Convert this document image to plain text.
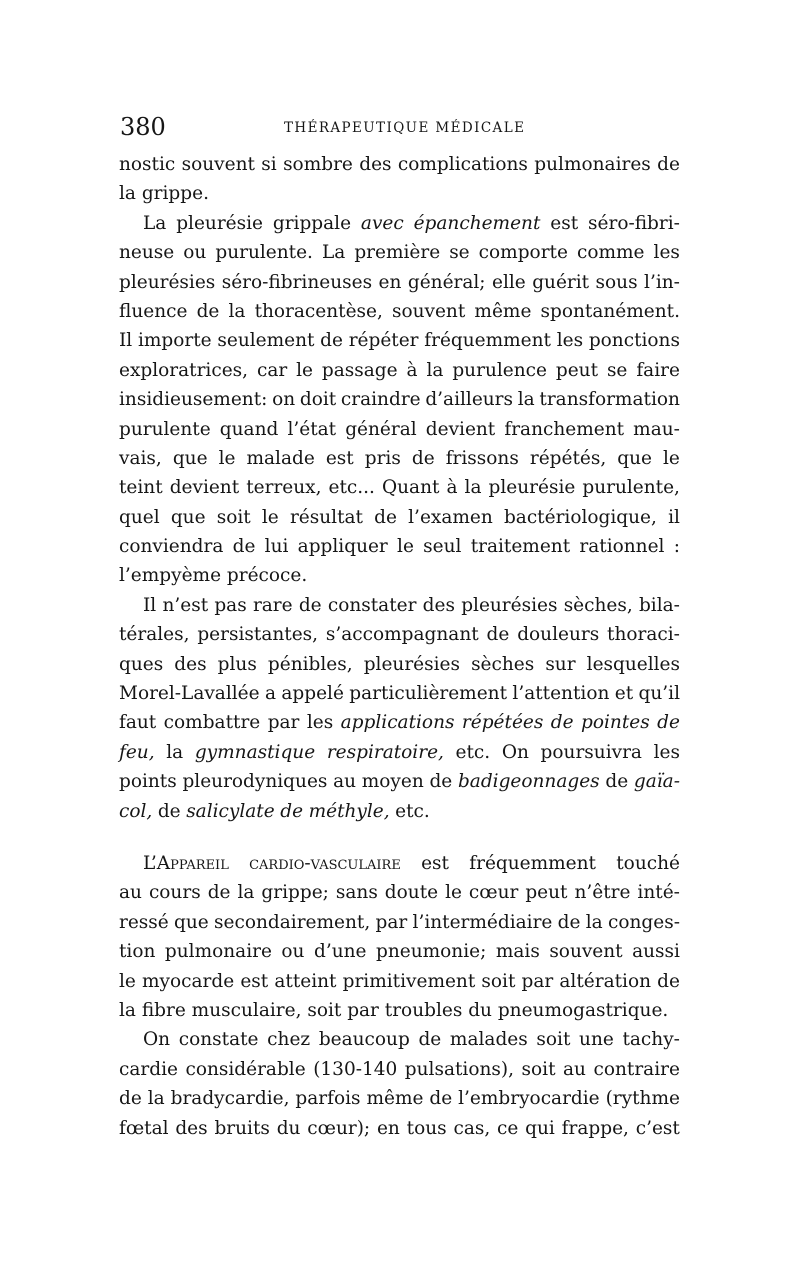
380	THÉRAPEUTIQUE MÉDICALE
nostic souvent si sombre des complications pulmonaires de
la grippe.
La pleurésie grippale avec épanchement est séro-fibri-
neuse ou purulente. La première se comporte comme les
pleurésies séro-fibrineuses en général; elle guérit sous l’in-
fluence de la thoracentèse, souvent même spontanément.
Il importe seulement de répéter fréquemment les ponctions
exploratrices, car le passage à la purulence peut se faire
insidieusement: on doit craindre d’ailleurs la transformation
purulente quand l’état général devient franchement mau-
vais, que le malade est pris de frissons répétés, que le
teint devient terreux, etc... Quant à la pleurésie purulente,
quel que soit le résultat de l’examen bactériologique, il
conviendra de lui appliquer le seul traitement rationnel :
l’empyème précoce.
Il n’est pas rare de constater des pleurésies sèches, bila-
térales, persistantes, s’accompagnant de douleurs thoraci-
ques des plus pénibles, pleurésies sèches sur lesquelles
Morel-Lavallée a appelé particulièrement l’attention et qu’il
faut combattre par les applications répétées de pointes de
feu, la gymnastique respiratoire, etc. On poursuivra les
points pleurodyniques au moyen de badigeonnages de gaïa-
col, de salicylate de méthyle, etc.
L’Appareil cardio-vasculaire est fréquemment touché
au cours de la grippe; sans doute le cœur peut n’être inté-
ressé que secondairement, par l’intermédiaire de la conges-
tion pulmonaire ou d’une pneumonie; mais souvent aussi
le myocarde est atteint primitivement soit par altération de
la fibre musculaire, soit par troubles du pneumogastrique.
On constate chez beaucoup de malades soit une tachy-
cardie considérable (130-140 pulsations), soit au contraire
de la bradycardie, parfois même de l’embryocardie (rythme
fœtal des bruits du cœur); en tous cas, ce qui frappe, c’est
